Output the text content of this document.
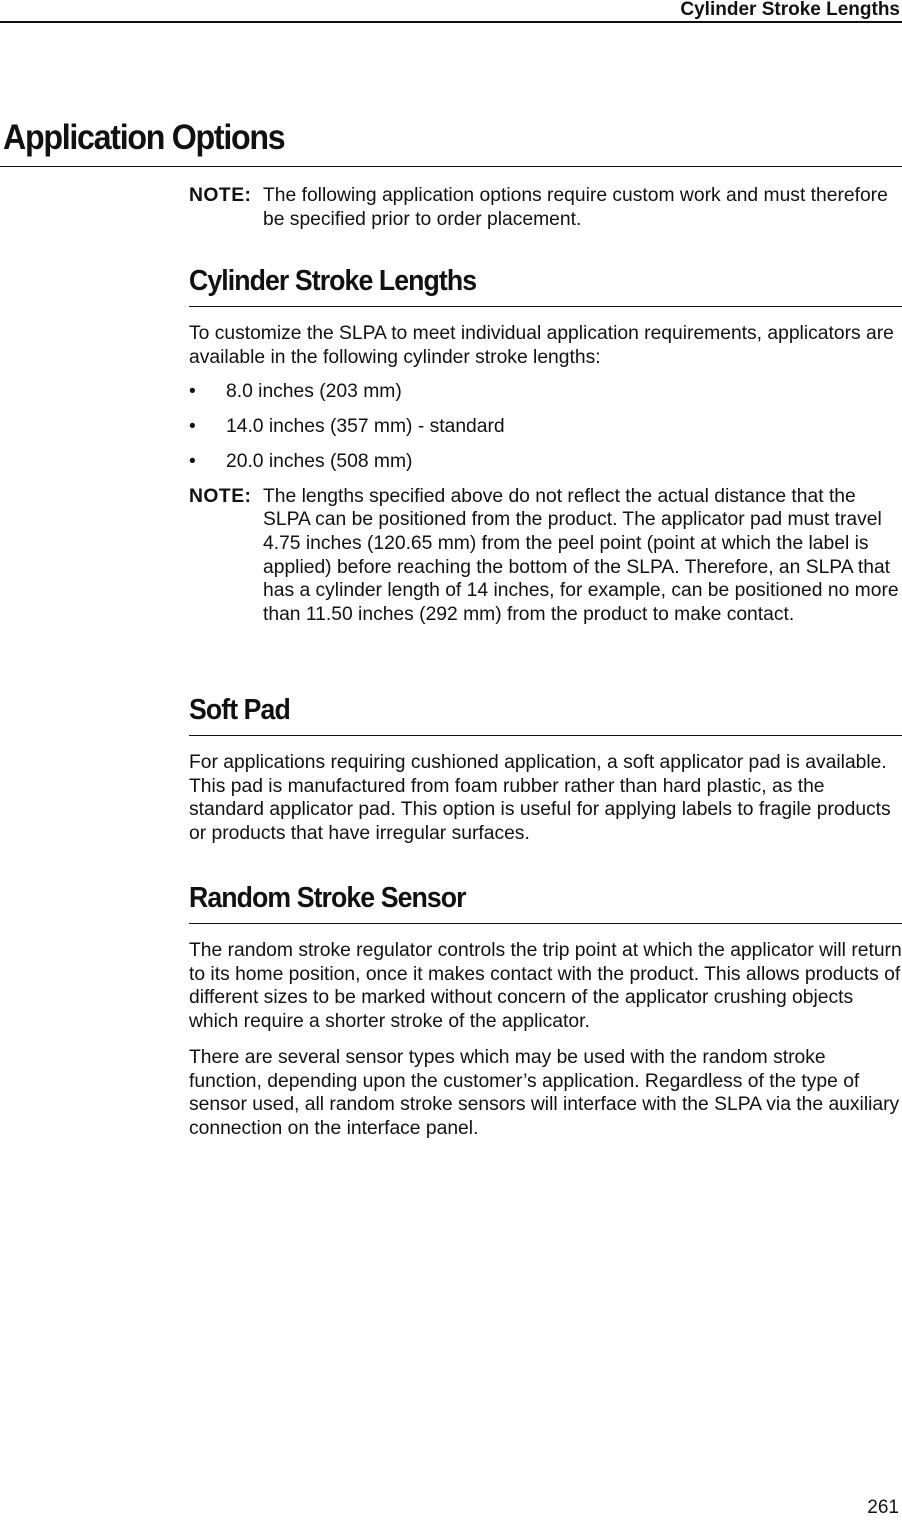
Cylinder Stroke Lengths
Application Options
NOTE: The following application options require custom work and must therefore be specified prior to order placement.
Cylinder Stroke Lengths

To customize the SLPA to meet individual application requirements, applicators are available in the following cylinder stroke lengths:

• 8.0 inches (203 mm)
• 14.0 inches (357 mm) - standard
• 20.0 inches (508 mm)
NOTE: The lengths specified above do not reflect the actual distance that the SLPA can be positioned from the product. The applicator pad must travel 4.75 inches (120.65 mm) from the peel point (point at which the label is applied) before reaching the bottom of the SLPA. Therefore, an SLPA that has a cylinder length of 14 inches, for example, can be positioned no more than 11.50 inches (292 mm) from the product to make contact.
Soft Pad

For applications requiring cushioned application, a soft applicator pad is available. This pad is manufactured from foam rubber rather than hard plastic, as the standard applicator pad. This option is useful for applying labels to fragile products or products that have irregular surfaces.

Random Stroke Sensor

The random stroke regulator controls the trip point at which the applicator will return to its home position, once it makes contact with the product. This allows products of different sizes to be marked without concern of the applicator crushing objects which require a shorter stroke of the applicator.

There are several sensor types which may be used with the random stroke function, depending upon the customer’s application. Regardless of the type of sensor used, all random stroke sensors will interface with the SLPA via the auxiliary connection on the interface panel.

261
